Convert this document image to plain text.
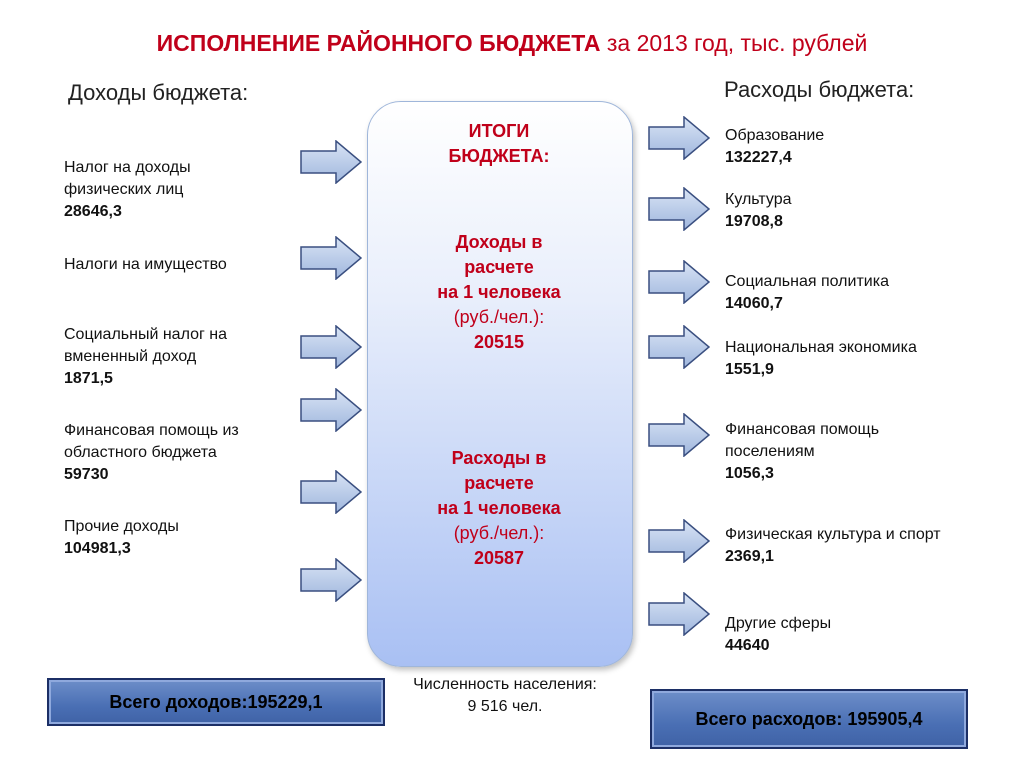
ИСПОЛНЕНИЕ РАЙОННОГО БЮДЖЕТА за 2013 год, тыс. рублей
Доходы бюджета:	Расходы бюджета:
Налог на доходы физических лиц
28646,3
Налоги на имущество
Социальный налог на вмененный доход
1871,5
Финансовая помощь из областного бюджета
59730
Прочие доходы
104981,3
ИТОГИ
БЮДЖЕТА:
Доходы в
расчете
на 1 человека
(руб./чел.):
20515
Расходы в
расчете
на 1 человека
(руб./чел.):
20587
Образование
132227,4
Культура
19708,8
Социальная политика
14060,7
Национальная экономика
1551,9
Финансовая помощь поселениям
1056,3
Физическая культура и спорт
2369,1
Другие сферы
44640
Численность населения:
9 516 чел.
Всего доходов:195229,1
Всего расходов: 195905,4
